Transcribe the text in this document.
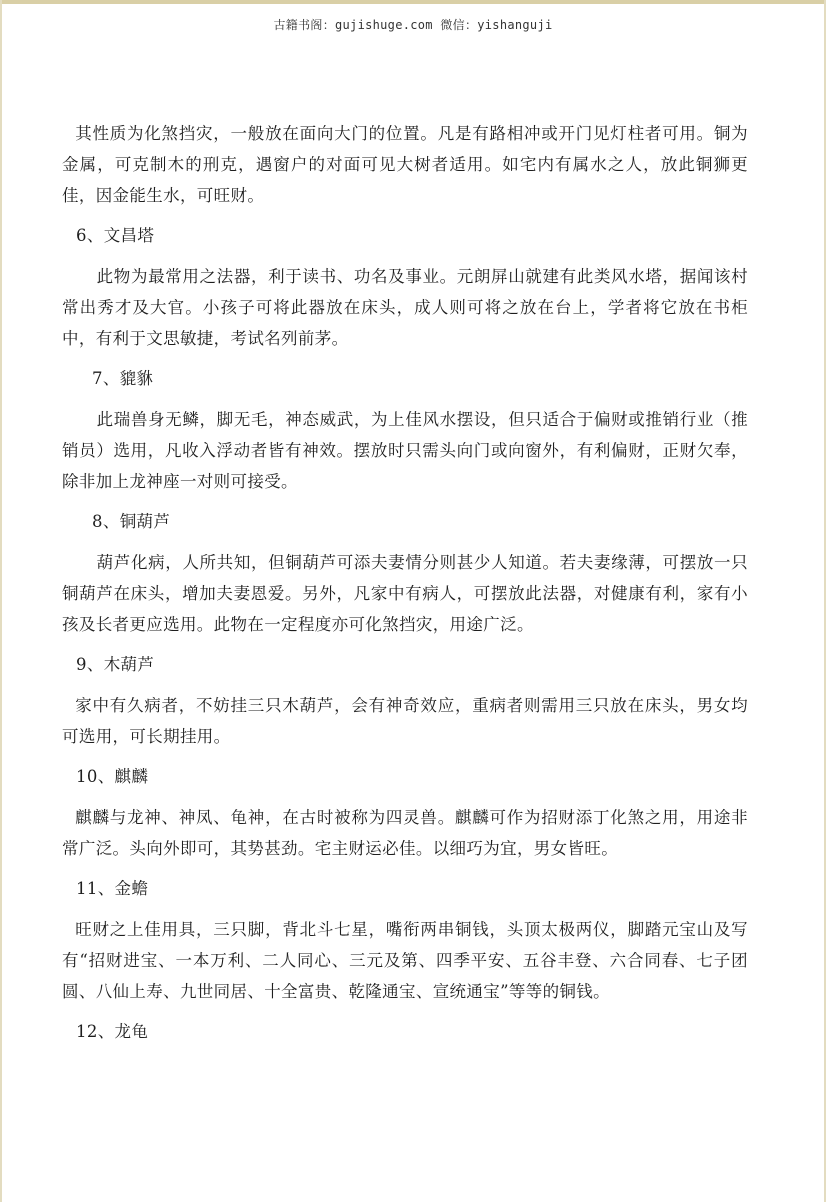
古籍书阁：gujishuge.com 微信：yishanguji

其性质为化煞挡灾，一般放在面向大门的位置。凡是有路相冲或开门见灯柱者可用。铜为金属，可克制木的刑克，遇窗户的对面可见大树者适用。如宅内有属水之人，放此铜狮更佳，因金能生水，可旺财。

6、文昌塔

此物为最常用之法器，利于读书、功名及事业。元朗屏山就建有此类风水塔，据闻该村常出秀才及大官。小孩子可将此器放在床头，成人则可将之放在台上，学者将它放在书柜中，有利于文思敏捷，考试名列前茅。

7、貔貅

此瑞兽身无鳞，脚无毛，神态威武，为上佳风水摆设，但只适合于偏财或推销行业（推销员）选用，凡收入浮动者皆有神效。摆放时只需头向门或向窗外，有利偏财，正财欠奉，除非加上龙神座一对则可接受。

8、铜葫芦

葫芦化病，人所共知，但铜葫芦可添夫妻情分则甚少人知道。若夫妻缘薄，可摆放一只铜葫芦在床头，增加夫妻恩爱。另外，凡家中有病人，可摆放此法器，对健康有利，家有小孩及长者更应选用。此物在一定程度亦可化煞挡灾，用途广泛。

9、木葫芦

家中有久病者，不妨挂三只木葫芦，会有神奇效应，重病者则需用三只放在床头，男女均可选用，可长期挂用。

10、麒麟

麒麟与龙神、神凤、龟神，在古时被称为四灵兽。麒麟可作为招财添丁化煞之用，用途非常广泛。头向外即可，其势甚劲。宅主财运必佳。以细巧为宜，男女皆旺。

11、金蟾

旺财之上佳用具，三只脚，背北斗七星，嘴衔两串铜钱，头顶太极两仪，脚踏元宝山及写有“招财进宝、一本万利、二人同心、三元及第、四季平安、五谷丰登、六合同春、七子团圆、八仙上寿、九世同居、十全富贵、乾隆通宝、宣统通宝”等等的铜钱。

12、龙龟
